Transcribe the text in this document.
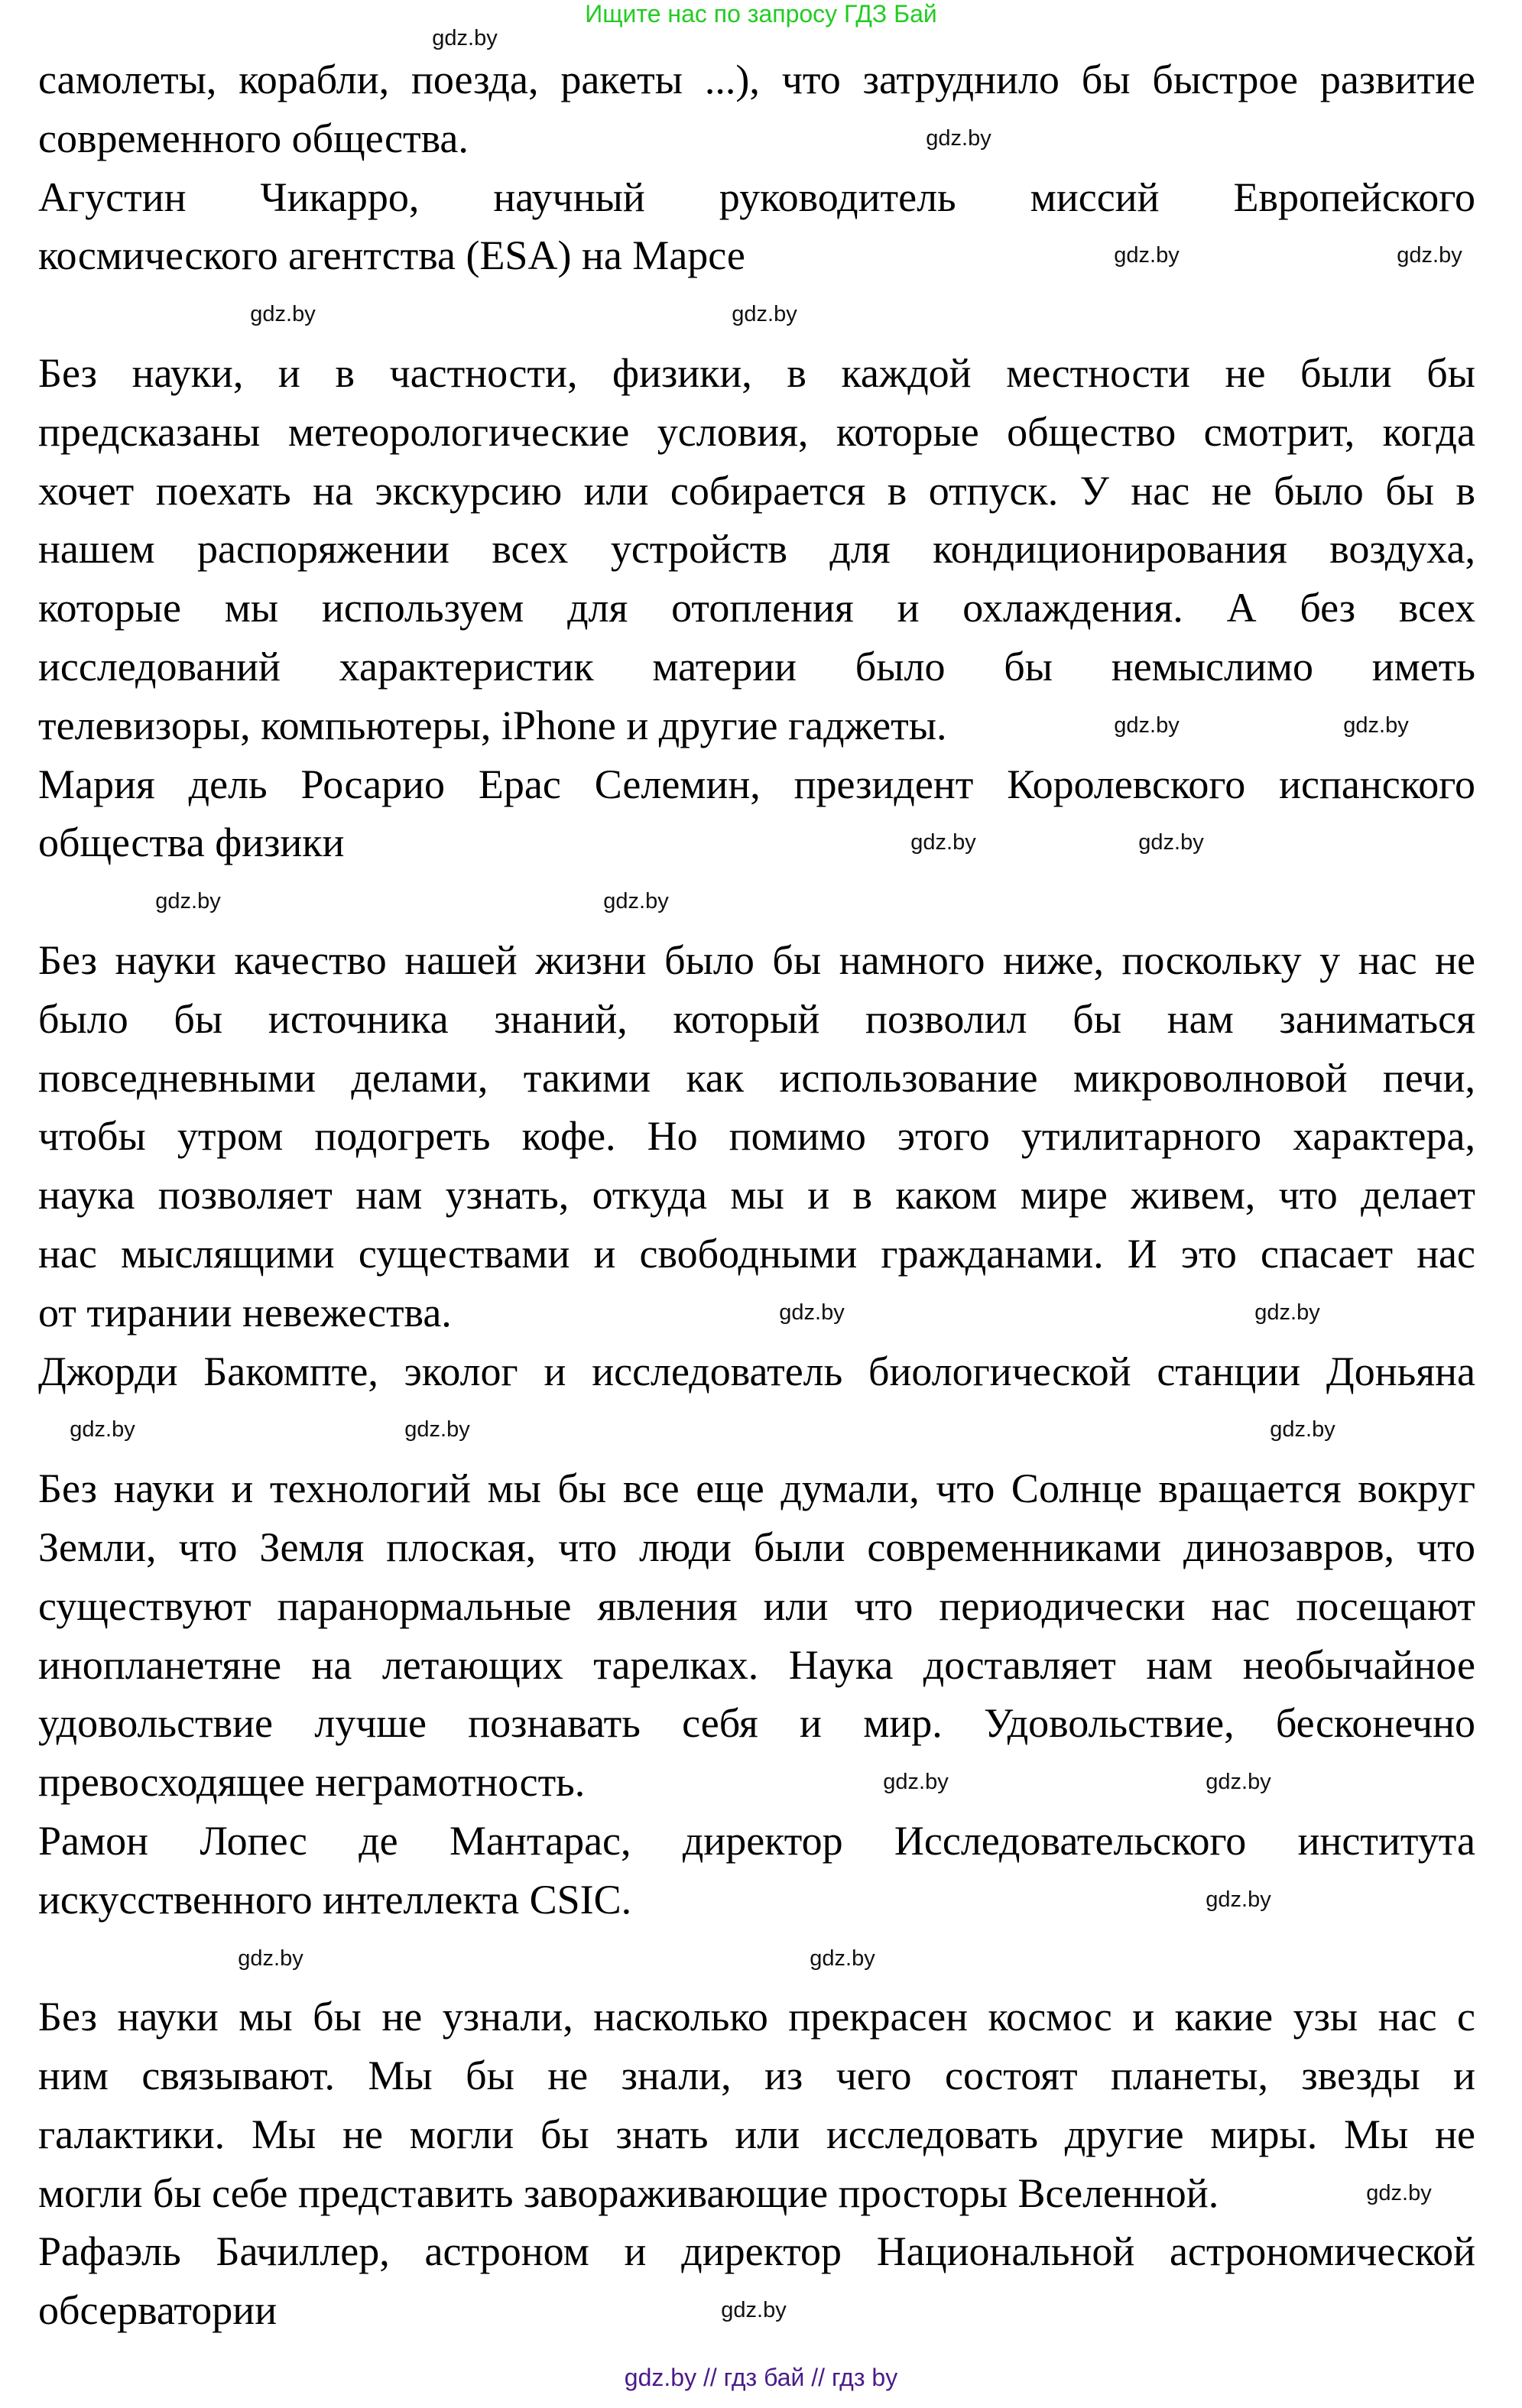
Ищите нас по запросу ГДЗ Бай
самолеты, корабли, поезда, ракеты ...), что затруднило бы быстрое развитие
современного общества.
Агустин Чикарро, научный руководитель миссий Европейского
космического агентства (ESA) на Марсе
Без науки, и в частности, физики, в каждой местности не были бы
предсказаны метеорологические условия, которые общество смотрит, когда
хочет поехать на экскурсию или собирается в отпуск. У нас не было бы в
нашем распоряжении всех устройств для кондиционирования воздуха,
которые мы используем для отопления и охлаждения. А без всех
исследований характеристик материи было бы немыслимо иметь
телевизоры, компьютеры, iPhone и другие гаджеты.
Мария дель Росарио Ерас Селемин, президент Королевского испанского
общества физики
Без науки качество нашей жизни было бы намного ниже, поскольку у нас не
было бы источника знаний, который позволил бы нам заниматься
повседневными делами, такими как использование микроволновой печи,
чтобы утром подогреть кофе. Но помимо этого утилитарного характера,
наука позволяет нам узнать, откуда мы и в каком мире живем, что делает
нас мыслящими существами и свободными гражданами. И это спасает нас
от тирании невежества.
Джорди Бакомпте, эколог и исследователь биологической станции Доньяна
Без науки и технологий мы бы все еще думали, что Солнце вращается вокруг
Земли, что Земля плоская, что люди были современниками динозавров, что
существуют паранормальные явления или что периодически нас посещают
инопланетяне на летающих тарелках. Наука доставляет нам необычайное
удовольствие лучше познавать себя и мир. Удовольствие, бесконечно
превосходящее неграмотность.
Рамон Лопес де Мантарас, директор Исследовательского института
искусственного интеллекта CSIC.
Без науки мы бы не узнали, насколько прекрасен космос и какие узы нас с
ним связывают. Мы бы не знали, из чего состоят планеты, звезды и
галактики. Мы не могли бы знать или исследовать другие миры. Мы не
могли бы себе представить завораживающие просторы Вселенной.
Рафаэль Бачиллер, астроном и директор Национальной астрономической
обсерватории
gdz.by
gdz.by
gdz.by	gdz.by
gdz.by	gdz.by
gdz.by	gdz.by
gdz.by	gdz.by
gdz.by	gdz.by
gdz.by	gdz.by
gdz.by	gdz.by	gdz.by
gdz.by	gdz.by
gdz.by
gdz.by	gdz.by
gdz.by
gdz.by
gdz.by // гдз бай // гдз by
